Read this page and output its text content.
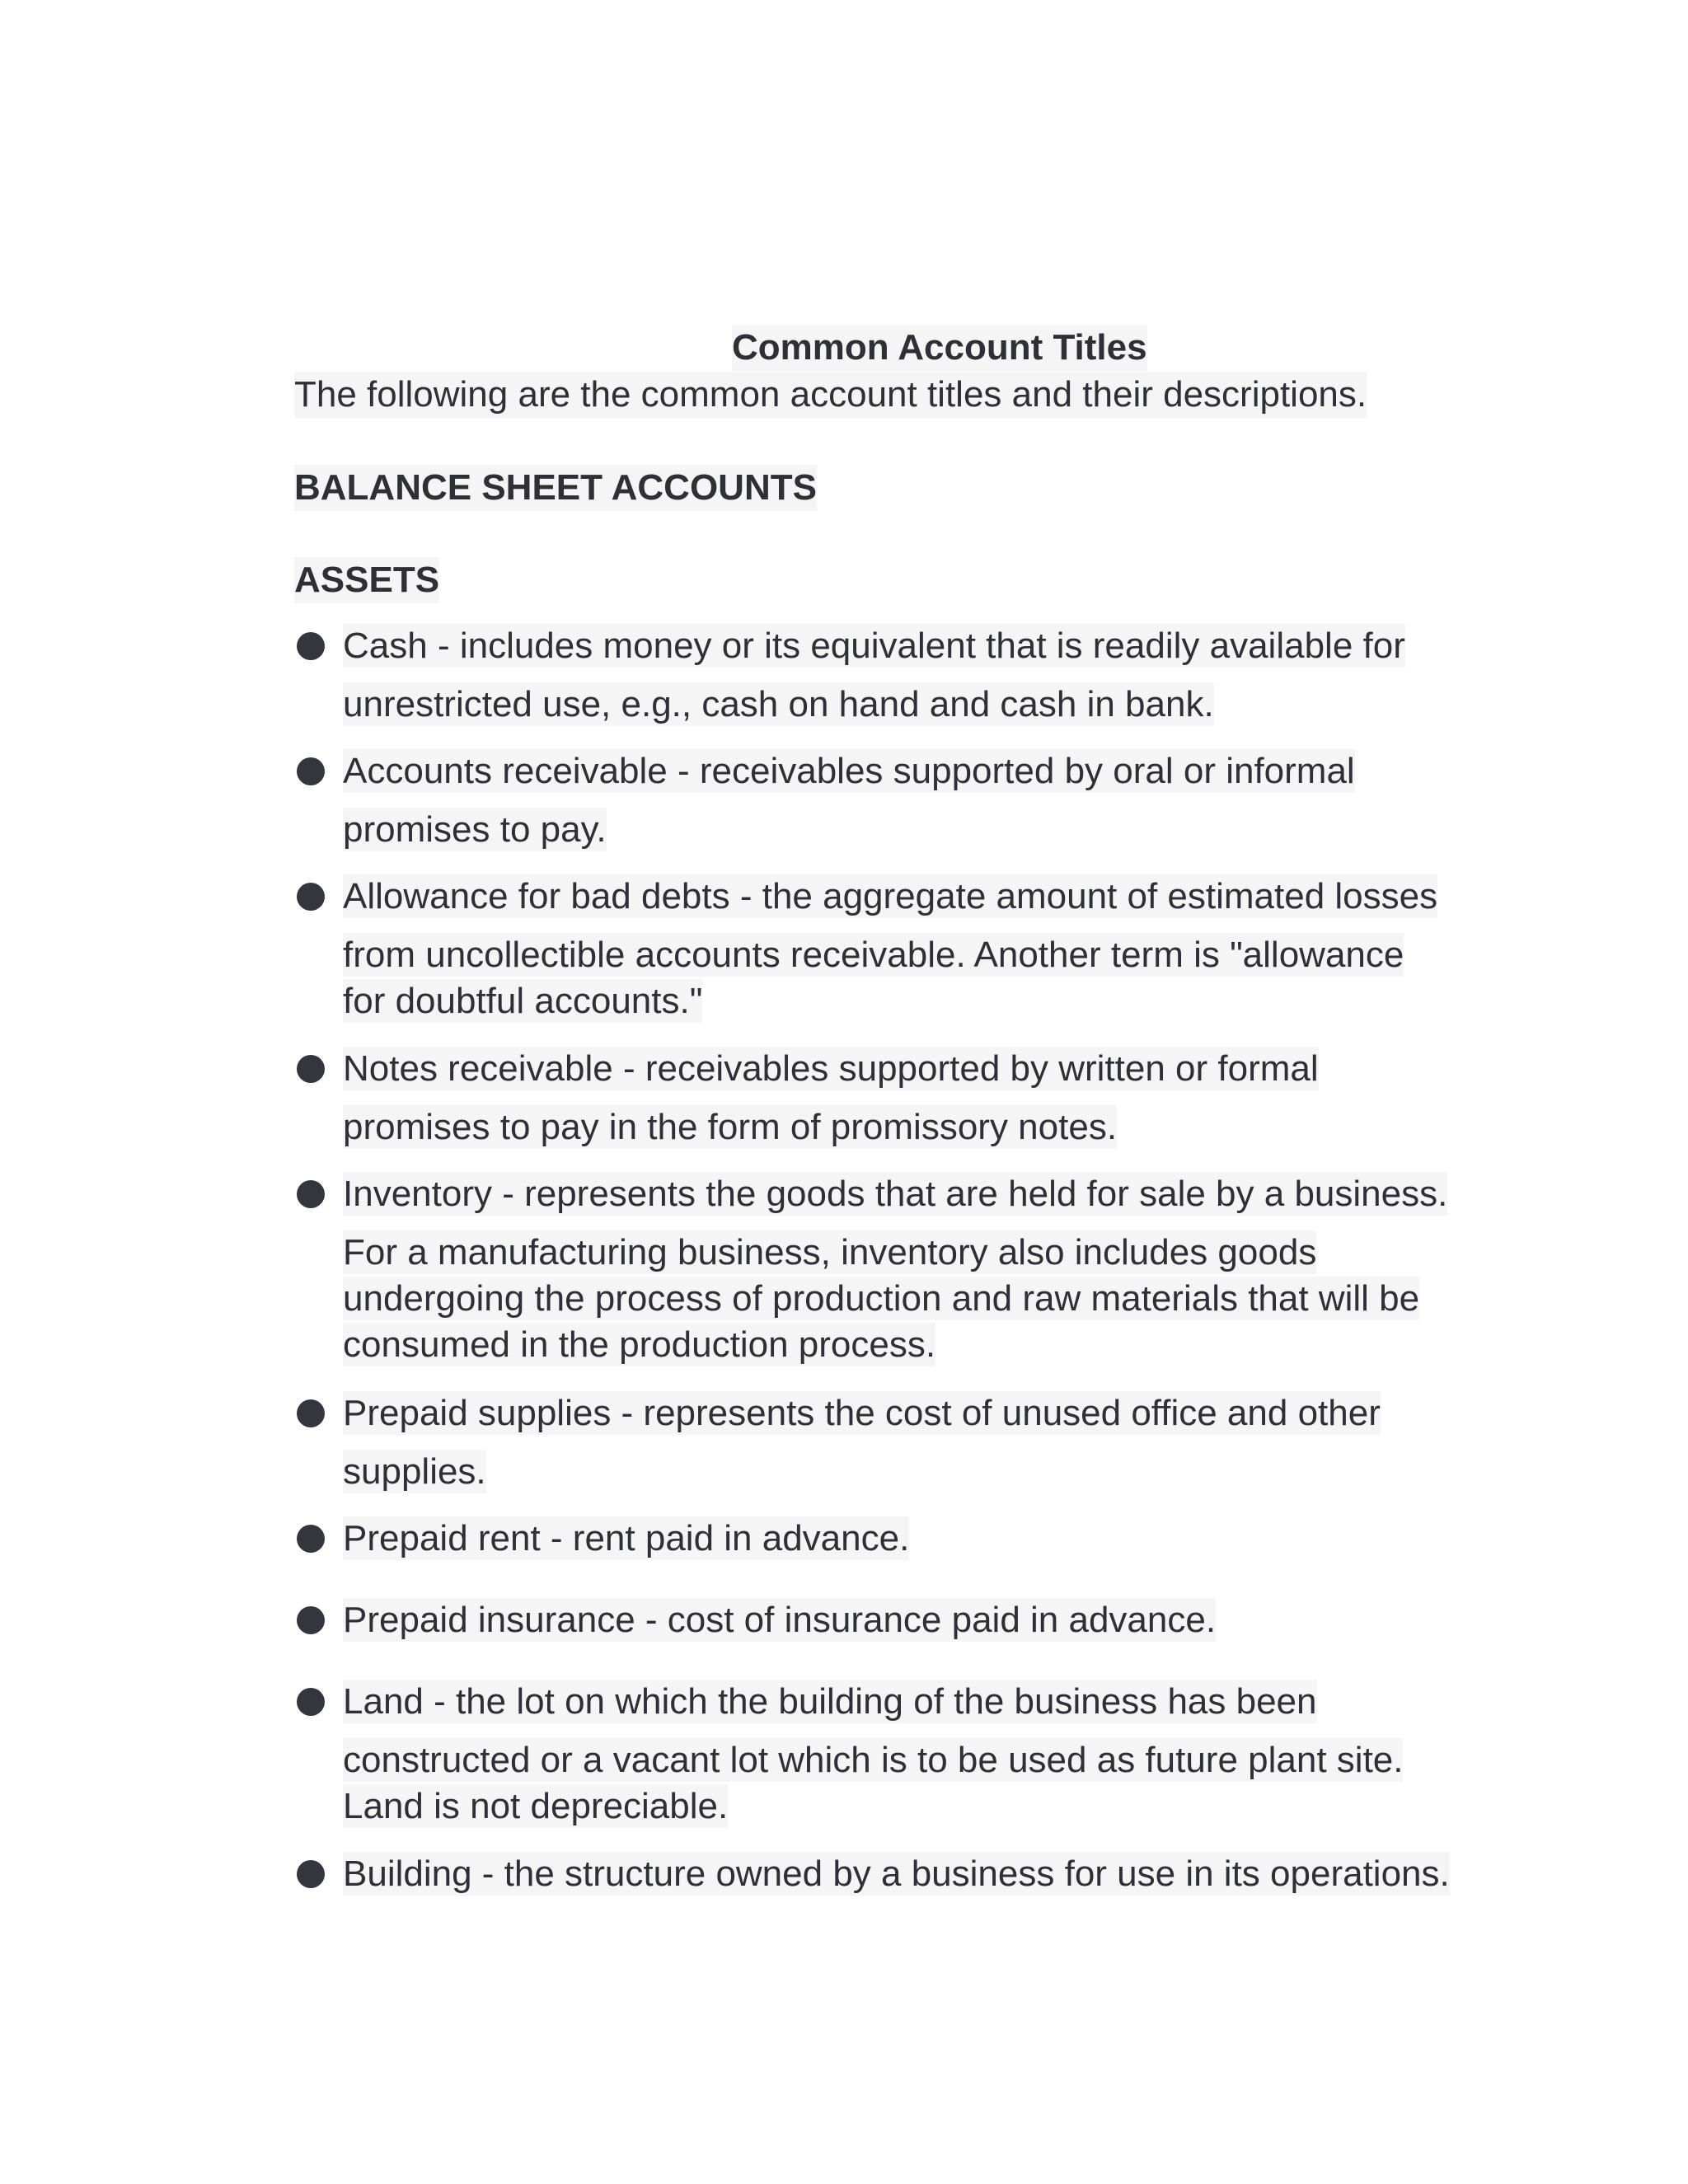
Common Account Titles
The following are the common account titles and their descriptions.
BALANCE SHEET ACCOUNTS
ASSETS
Cash - includes money or its equivalent that is readily available for
unrestricted use, e.g., cash on hand and cash in bank.
Accounts receivable - receivables supported by oral or informal
promises to pay.
Allowance for bad debts - the aggregate amount of estimated losses
from uncollectible accounts receivable. Another term is "allowance
for doubtful accounts."
Notes receivable - receivables supported by written or formal
promises to pay in the form of promissory notes.
Inventory - represents the goods that are held for sale by a business.
For a manufacturing business, inventory also includes goods
undergoing the process of production and raw materials that will be
consumed in the production process.
Prepaid supplies - represents the cost of unused office and other
supplies.
Prepaid rent - rent paid in advance.
Prepaid insurance - cost of insurance paid in advance.
Land - the lot on which the building of the business has been
constructed or a vacant lot which is to be used as future plant site.
Land is not depreciable.
Building - the structure owned by a business for use in its operations.
